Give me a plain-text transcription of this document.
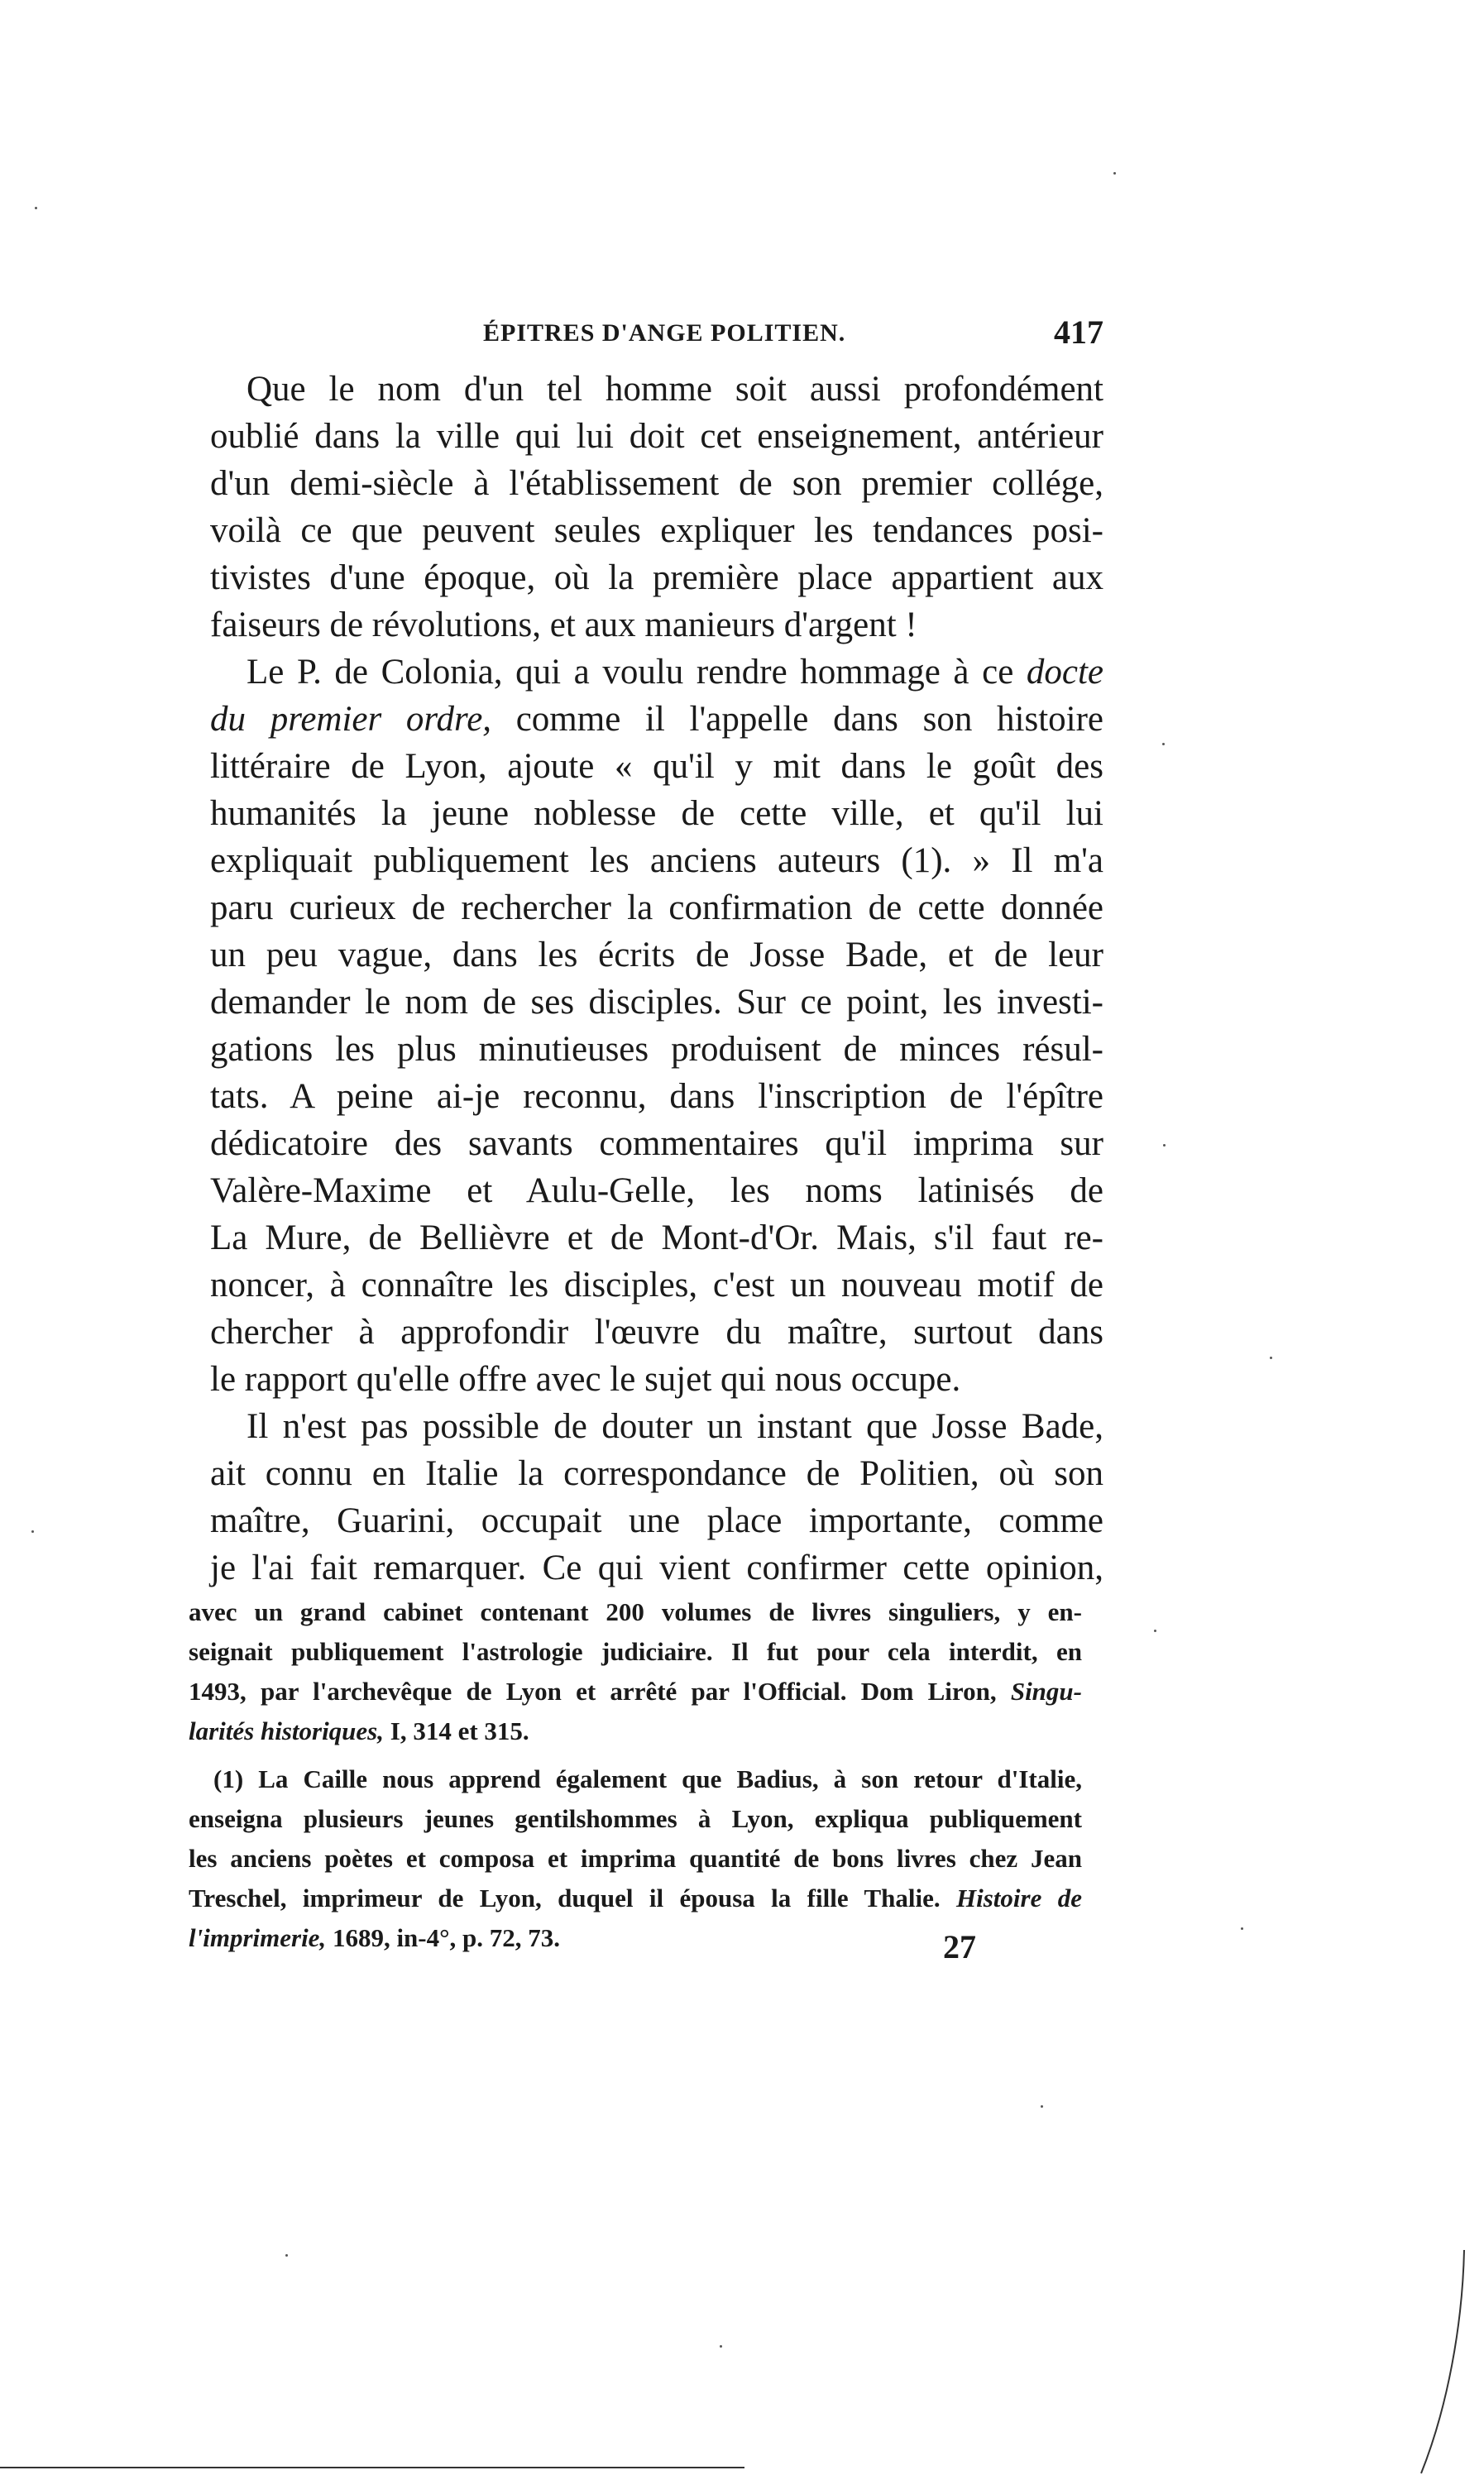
ÉPITRES D'ANGE POLITIEN.	417
Que le nom d'un tel homme soit aussi profondément
oublié dans la ville qui lui doit cet enseignement, antérieur
d'un demi-siècle à l'établissement de son premier collége,
voilà ce que peuvent seules expliquer les tendances posi-
tivistes d'une époque, où la première place appartient aux
faiseurs de révolutions, et aux manieurs d'argent !
Le P. de Colonia, qui a voulu rendre hommage à ce docte
du premier ordre, comme il l'appelle dans son histoire
littéraire de Lyon, ajoute « qu'il y mit dans le goût des
humanités la jeune noblesse de cette ville, et qu'il lui
expliquait publiquement les anciens auteurs (1). » Il m'a
paru curieux de rechercher la confirmation de cette donnée
un peu vague, dans les écrits de Josse Bade, et de leur
demander le nom de ses disciples. Sur ce point, les investi-
gations les plus minutieuses produisent de minces résul-
tats. A peine ai-je reconnu, dans l'inscription de l'épître
dédicatoire des savants commentaires qu'il imprima sur
Valère-Maxime et Aulu-Gelle, les noms latinisés de
La Mure, de Bellièvre et de Mont-d'Or. Mais, s'il faut re-
noncer, à connaître les disciples, c'est un nouveau motif de
chercher à approfondir l'œuvre du maître, surtout dans
le rapport qu'elle offre avec le sujet qui nous occupe.
Il n'est pas possible de douter un instant que Josse Bade,
ait connu en Italie la correspondance de Politien, où son
maître, Guarini, occupait une place importante, comme
je l'ai fait remarquer. Ce qui vient confirmer cette opinion,
avec un grand cabinet contenant 200 volumes de livres singuliers, y en-
seignait publiquement l'astrologie judiciaire. Il fut pour cela interdit, en
1493, par l'archevêque de Lyon et arrêté par l'Official. Dom Liron, Singu-
larités historiques, I, 314 et 315.
(1) La Caille nous apprend également que Badius, à son retour d'Italie,
enseigna plusieurs jeunes gentilshommes à Lyon, expliqua publiquement
les anciens poètes et composa et imprima quantité de bons livres chez Jean
Treschel, imprimeur de Lyon, duquel il épousa la fille Thalie. Histoire de
l'imprimerie, 1689, in-4°, p. 72, 73.	27
